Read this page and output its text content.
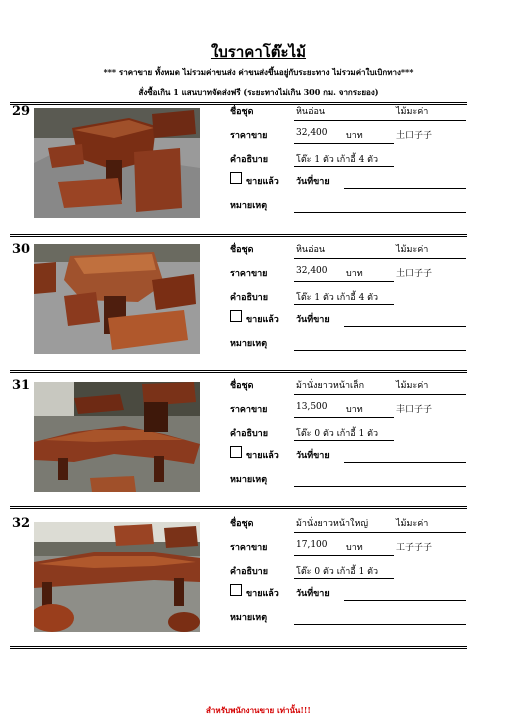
ใบราคาโต๊ะไม้
*** ราคาขาย ทั้งหมด ไม่รวมค่าขนส่ง ค่าขนส่งขึ้นอยู่กับระยะทาง ไม่รวมค่าใบเบิกทาง***
สั่งซื้อเกิน 1 แสนบาทจัดส่งฟรี (ระยะทางไม่เกิน 300 กม. จากระยอง)
29	ชื่อชุด	หินอ่อน	ไม้มะค่า
ราคาขาย	32,400 บาท	土口子子
คำอธิบาย	โต๊ะ 1 ตัว เก้าอี้ 4 ตัว
ขายแล้ว วันที่ขาย
หมายเหตุ
30	ชื่อชุด	หินอ่อน	ไม้มะค่า
ราคาขาย	32,400 บาท	土口子子
คำอธิบาย	โต๊ะ 1 ตัว เก้าอี้ 4 ตัว
ขายแล้ว วันที่ขาย
หมายเหตุ
31	ชื่อชุด	ม้านั่งยาวหน้าเล็ก	ไม้มะค่า
ราคาขาย	13,500 บาท	丰口子子
คำอธิบาย	โต๊ะ 0 ตัว เก้าอี้ 1 ตัว
ขายแล้ว วันที่ขาย
หมายเหตุ
32	ชื่อชุด	ม้านั่งยาวหน้าใหญ่	ไม้มะค่า
ราคาขาย	17,100 บาท	工子子子
คำอธิบาย	โต๊ะ 0 ตัว เก้าอี้ 1 ตัว
ขายแล้ว วันที่ขาย
หมายเหตุ
สำหรับพนักงานขาย เท่านั้น!!!
